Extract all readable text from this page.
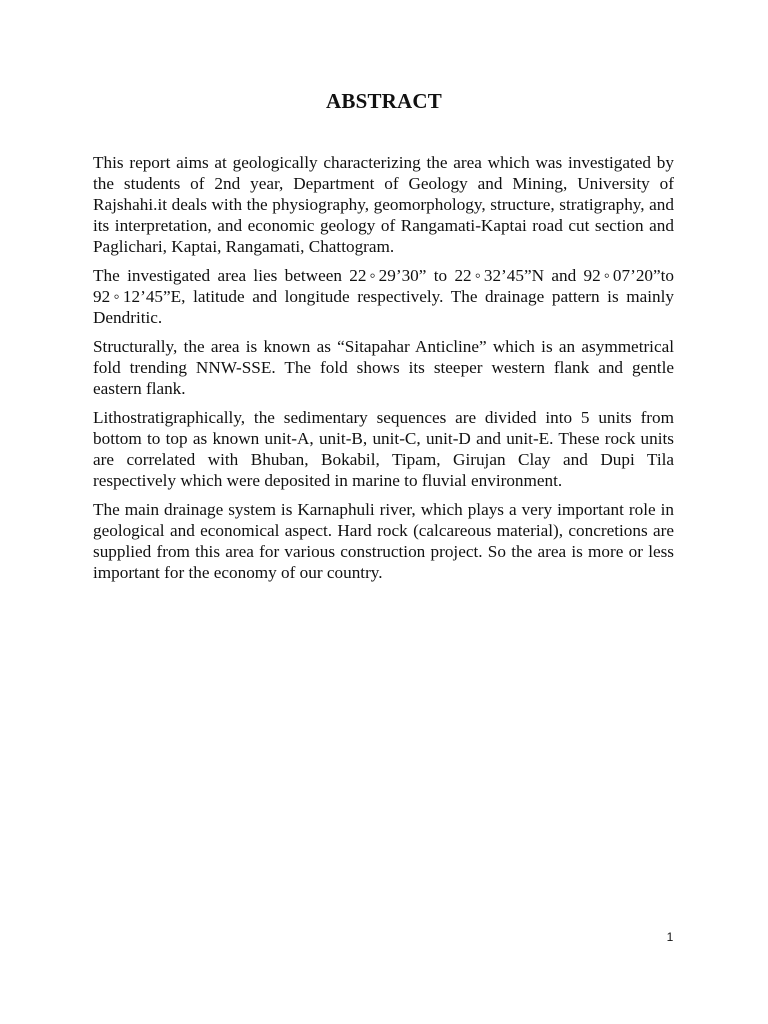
ABSTRACT

This report aims at geologically characterizing the area which was investigated by the students of 2nd year, Department of Geology and Mining, University of Rajshahi.it deals with the physiography, geomorphology, structure, stratigraphy, and its interpretation, and economic geology of Rangamati-Kaptai road cut section and Paglichari, Kaptai, Rangamati, Chattogram.

The investigated area lies between 22◦29’30” to 22◦32’45”N and 92◦07’20”to 92◦12’45”E, latitude and longitude respectively. The drainage pattern is mainly Dendritic.

Structurally, the area is known as “Sitapahar Anticline” which is an asymmetrical fold trending NNW-SSE. The fold shows its steeper western flank and gentle eastern flank.

Lithostratigraphically, the sedimentary sequences are divided into 5 units from bottom to top as known unit-A, unit-B, unit-C, unit-D and unit-E. These rock units are correlated with Bhuban, Bokabil, Tipam, Girujan Clay and Dupi Tila respectively which were deposited in marine to fluvial environment.

The main drainage system is Karnaphuli river, which plays a very important role in geological and economical aspect. Hard rock (calcareous material), concretions are supplied from this area for various construction project. So the area is more or less important for the economy of our country.

1
